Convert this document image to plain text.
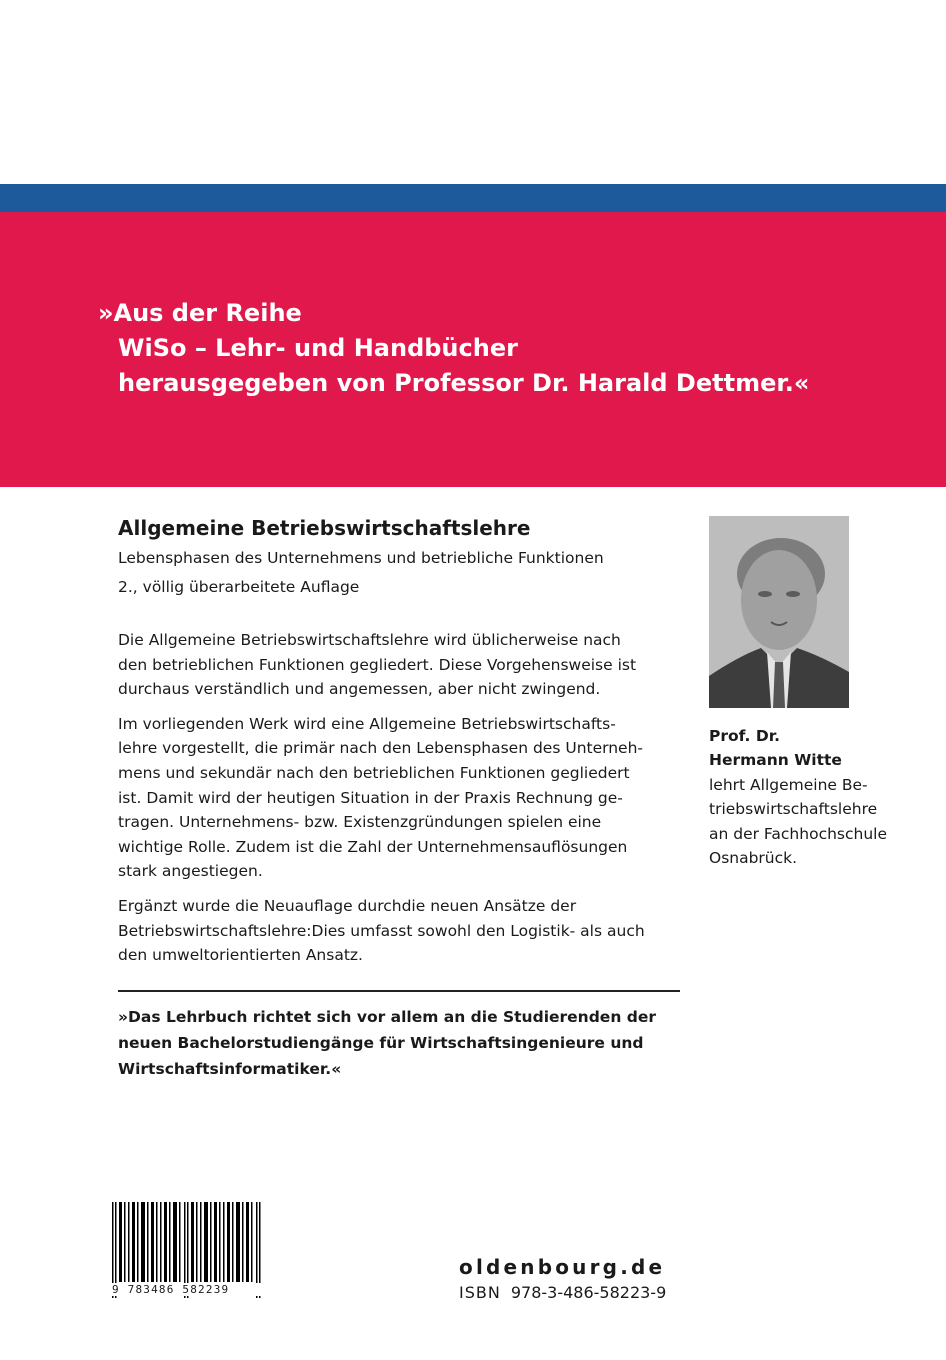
»Aus der Reihe
WiSo – Lehr- und Handbücher
herausgegeben von Professor Dr. Harald Dettmer.«
Allgemeine Betriebswirtschaftslehre
Lebensphasen des Unternehmens und betriebliche Funktionen
2., völlig überarbeitete Auflage

Die Allgemeine Betriebswirtschaftslehre wird üblicherweise nach
den betrieblichen Funktionen gegliedert. Diese Vorgehensweise ist
durchaus verständlich und angemessen, aber nicht zwingend.

Im vorliegenden Werk wird eine Allgemeine Betriebswirtschafts-
lehre vorgestellt, die primär nach den Lebensphasen des Unterneh-
mens und sekundär nach den betrieblichen Funktionen gegliedert
ist. Damit wird der heutigen Situation in der Praxis Rechnung ge-
tragen. Unternehmens- bzw. Existenzgründungen spielen eine
wichtige Rolle. Zudem ist die Zahl der Unternehmensauflösungen
stark angestiegen.

Ergänzt wurde die Neuauflage durchdie neuen Ansätze der
Betriebswirtschaftslehre:Dies umfasst sowohl den Logistik- als auch
den umweltorientierten Ansatz.

»Das Lehrbuch richtet sich vor allem an die Studierenden der
neuen Bachelorstudiengänge für Wirtschaftsingenieure und
Wirtschaftsinformatiker.«
Prof. Dr.
Hermann Witte
lehrt Allgemeine Be-
triebswirtschaftslehre
an der Fachhochschule
Osnabrück.
9 783486 582239
oldenbourg.de
ISBN 978-3-486-58223-9
